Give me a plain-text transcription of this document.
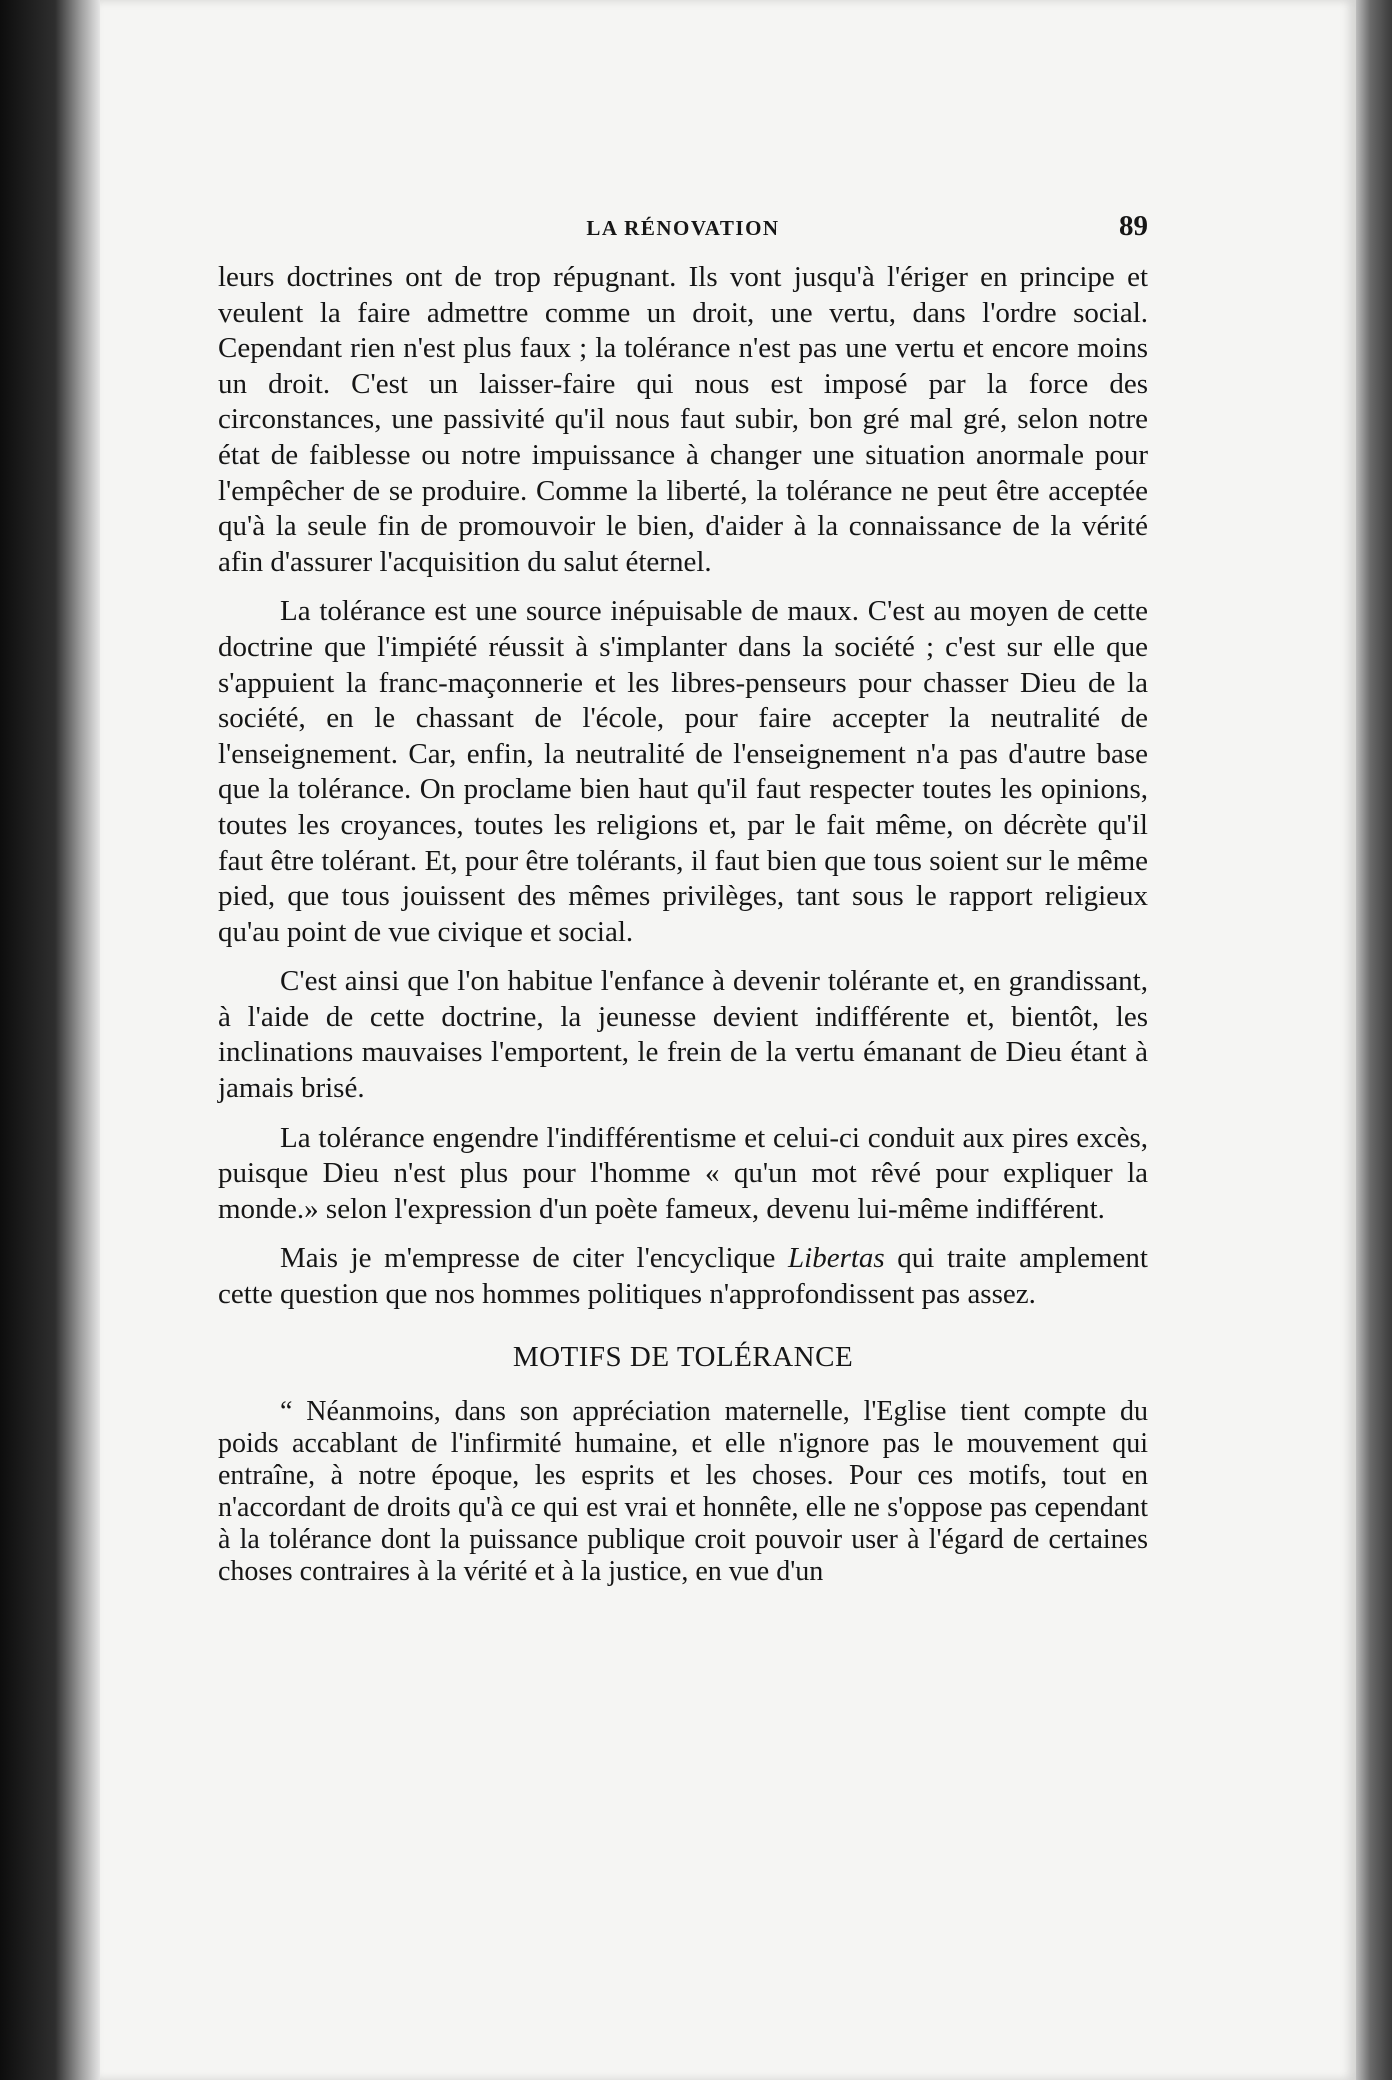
LA RÉNOVATION	89

leurs doctrines ont de trop répugnant. Ils vont jusqu'à l'ériger en principe et veulent la faire admettre comme un droit, une vertu, dans l'ordre social. Cependant rien n'est plus faux ; la tolérance n'est pas une vertu et encore moins un droit. C'est un laisser-faire qui nous est imposé par la force des circonstances, une passivité qu'il nous faut subir, bon gré mal gré, selon notre état de faiblesse ou notre impuissance à changer une situation anormale pour l'empêcher de se produire. Comme la liberté, la tolérance ne peut être acceptée qu'à la seule fin de promouvoir le bien, d'aider à la connaissance de la vérité afin d'assurer l'acquisition du salut éternel.

La tolérance est une source inépuisable de maux. C'est au moyen de cette doctrine que l'impiété réussit à s'implanter dans la société ; c'est sur elle que s'appuient la franc-maçonnerie et les libres-penseurs pour chasser Dieu de la société, en le chassant de l'école, pour faire accepter la neutralité de l'enseignement. Car, enfin, la neutralité de l'enseignement n'a pas d'autre base que la tolérance. On proclame bien haut qu'il faut respecter toutes les opinions, toutes les croyances, toutes les religions et, par le fait même, on décrète qu'il faut être tolérant. Et, pour être tolérants, il faut bien que tous soient sur le même pied, que tous jouissent des mêmes privilèges, tant sous le rapport religieux qu'au point de vue civique et social.

C'est ainsi que l'on habitue l'enfance à devenir tolérante et, en grandissant, à l'aide de cette doctrine, la jeunesse devient indifférente et, bientôt, les inclinations mauvaises l'emportent, le frein de la vertu émanant de Dieu étant à jamais brisé.

La tolérance engendre l'indifférentisme et celui-ci conduit aux pires excès, puisque Dieu n'est plus pour l'homme « qu'un mot rêvé pour expliquer la monde.» selon l'expression d'un poète fameux, devenu lui-même indifférent.

Mais je m'empresse de citer l'encyclique Libertas qui traite amplement cette question que nos hommes politiques n'approfondissent pas assez.

MOTIFS DE TOLÉRANCE

“ Néanmoins, dans son appréciation maternelle, l'Eglise tient compte du poids accablant de l'infirmité humaine, et elle n'ignore pas le mouvement qui entraîne, à notre époque, les esprits et les choses. Pour ces motifs, tout en n'accordant de droits qu'à ce qui est vrai et honnête, elle ne s'oppose pas cependant à la tolérance dont la puissance publique croit pouvoir user à l'égard de certaines choses contraires à la vérité et à la justice, en vue d'un
